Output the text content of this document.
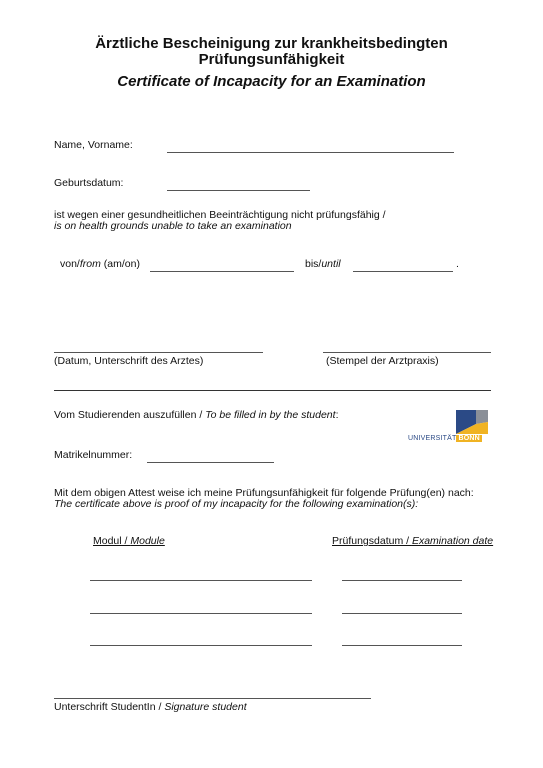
Ärztliche Bescheinigung zur krankheitsbedingten
Prüfungsunfähigkeit
Certificate of Incapacity for an Examination
Name, Vorname:
Geburtsdatum:
ist wegen einer gesundheitlichen Beeinträchtigung nicht prüfungsfähig /
is on health grounds unable to take an examination
von/from (am/on)	bis/until	.
(Datum, Unterschrift des Arztes)	(Stempel der Arztpraxis)
Vom Studierenden auszufüllen / To be filled in by the student:
UNIVERSITÄT BONN
Matrikelnummer:
Mit dem obigen Attest weise ich meine Prüfungsunfähigkeit für folgende Prüfung(en) nach:
The certificate above is proof of my incapacity for the following examination(s):
Modul / Module	Prüfungsdatum / Examination date
Unterschrift StudentIn / Signature student
